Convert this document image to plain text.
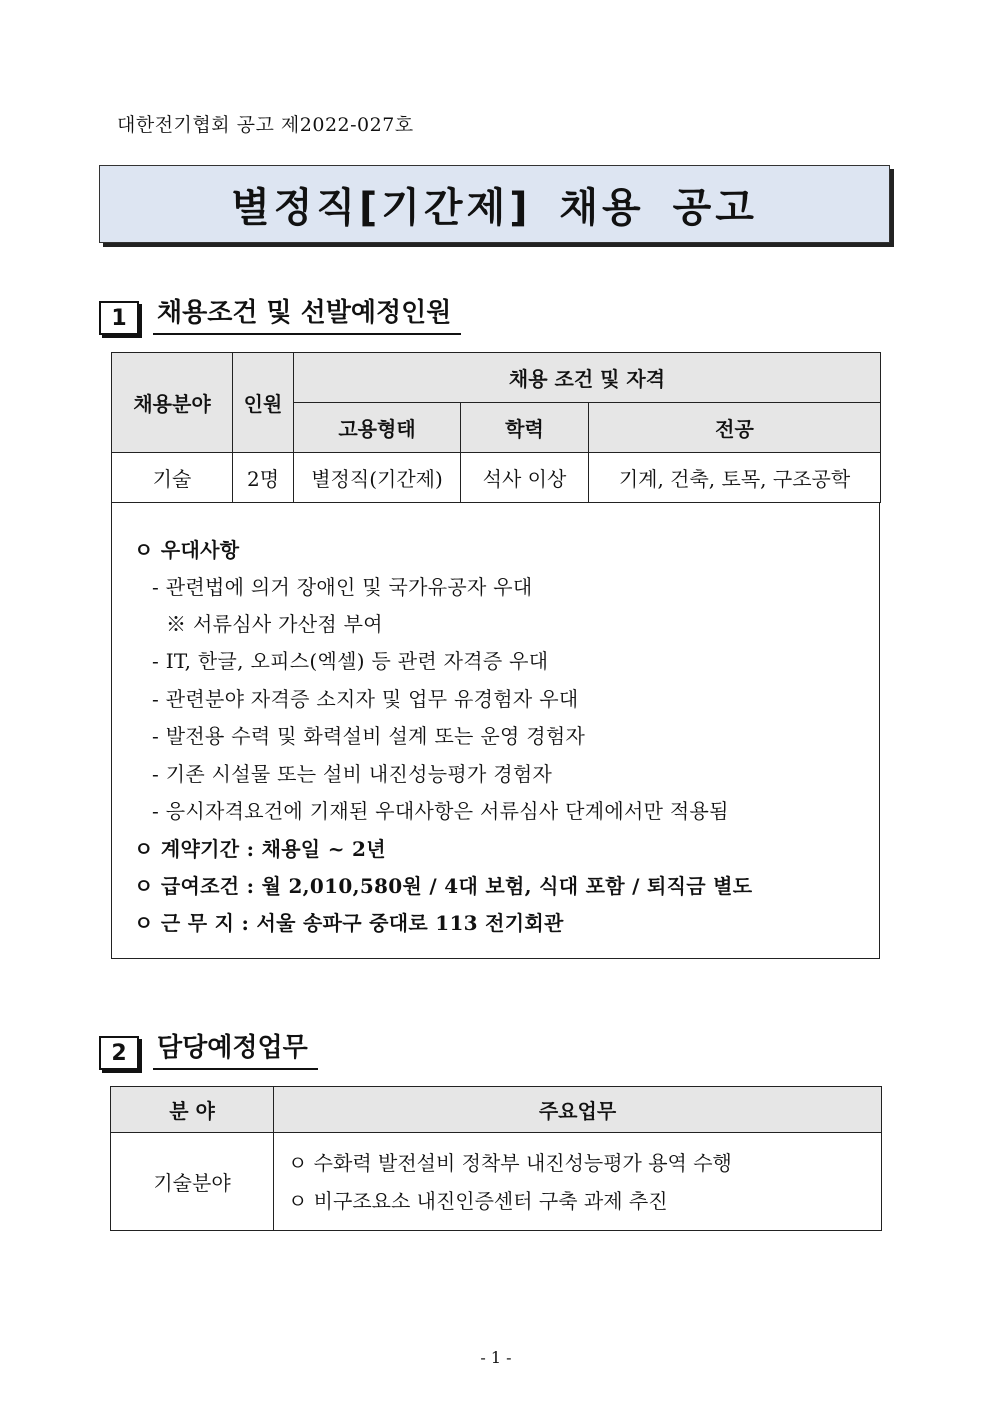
대한전기협회 공고 제2022-027호
별정직[기간제] 채용 공고
1	채용조건 및 선발예정인원
채용분야	인원	채용 조건 및 자격		
		고용형태	학력	전공
기술	2명	별정직(기간제)	석사 이상	기계, 건축, 토목, 구조공학
ㅇ 우대사항
- 관련법에 의거 장애인 및 국가유공자 우대
※ 서류심사 가산점 부여
- IT, 한글, 오피스(엑셀) 등 관련 자격증 우대
- 관련분야 자격증 소지자 및 업무 유경험자 우대
- 발전용 수력 및 화력설비 설계 또는 운영 경험자
- 기존 시설물 또는 설비 내진성능평가 경험자
- 응시자격요건에 기재된 우대사항은 서류심사 단계에서만 적용됨
ㅇ 계약기간 : 채용일 ~ 2년
ㅇ 급여조건 : 월 2,010,580원 / 4대 보험, 식대 포함 / 퇴직금 별도
ㅇ 근 무 지 : 서울 송파구 중대로 113 전기회관
2	담당예정업무
분 야	주요업무
기술분야	ㅇ 수화력 발전설비 정착부 내진성능평가 용역 수행
ㅇ 비구조요소 내진인증센터 구축 과제 추진
- 1 -
